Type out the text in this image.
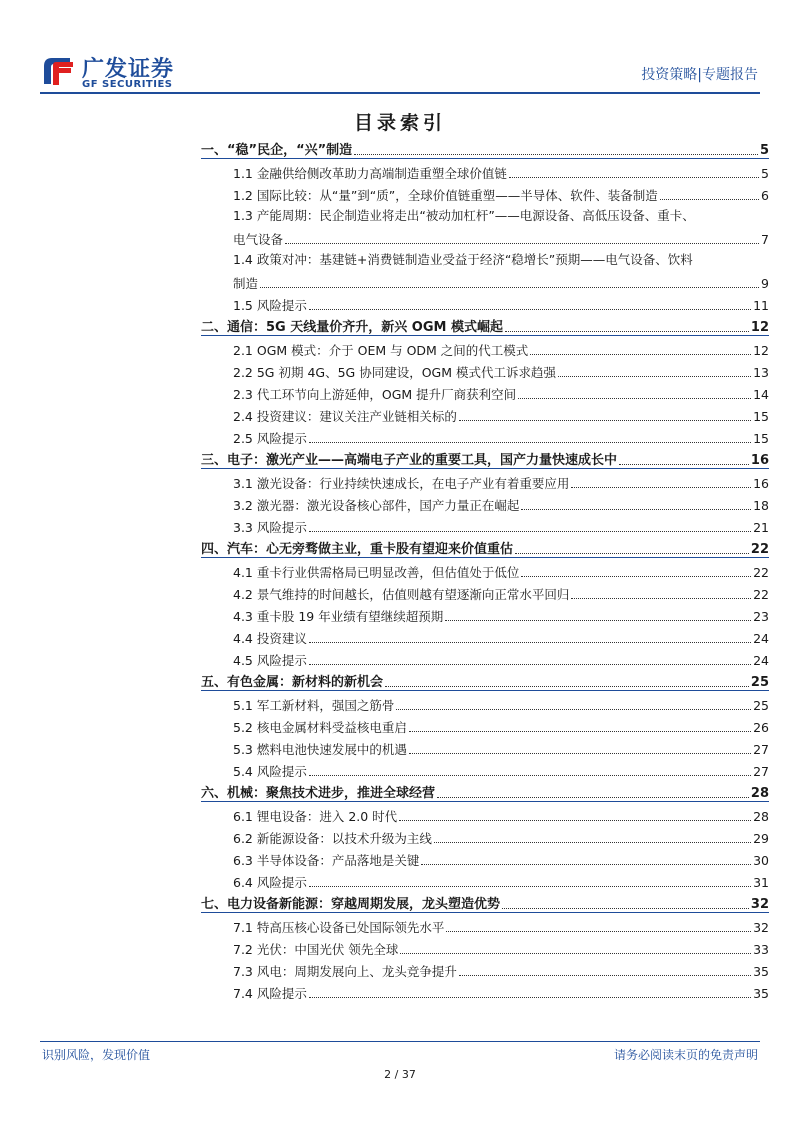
广发证券
GF SECURITIES
投资策略|专题报告
目录索引
一、“稳”民企，“兴”制造	5
1.1 金融供给侧改革助力高端制造重塑全球价值链	5
1.2 国际比较：从“量”到“质”，全球价值链重塑——半导体、软件、装备制造	6
1.3 产能周期：民企制造业将走出“被动加杠杆”——电源设备、高低压设备、重卡、
电气设备	7
1.4 政策对冲：基建链+消费链制造业受益于经济“稳增长”预期——电气设备、饮料
制造	9
1.5 风险提示	11
二、通信：5G 天线量价齐升，新兴 OGM 模式崛起	12
2.1 OGM 模式：介于 OEM 与 ODM 之间的代工模式	12
2.2 5G 初期 4G、5G 协同建设，OGM 模式代工诉求趋强	13
2.3 代工环节向上游延伸，OGM 提升厂商获利空间	14
2.4 投资建议：建议关注产业链相关标的	15
2.5 风险提示	15
三、电子：激光产业——高端电子产业的重要工具，国产力量快速成长中	16
3.1 激光设备：行业持续快速成长，在电子产业有着重要应用	16
3.2 激光器：激光设备核心部件，国产力量正在崛起	18
3.3 风险提示	21
四、汽车：心无旁骛做主业，重卡股有望迎来价值重估	22
4.1 重卡行业供需格局已明显改善，但估值处于低位	22
4.2 景气维持的时间越长，估值则越有望逐渐向正常水平回归	22
4.3 重卡股 19 年业绩有望继续超预期	23
4.4 投资建议	24
4.5 风险提示	24
五、有色金属：新材料的新机会	25
5.1 军工新材料，强国之筋骨	25
5.2 核电金属材料受益核电重启	26
5.3 燃料电池快速发展中的机遇	27
5.4 风险提示	27
六、机械：聚焦技术进步，推进全球经营	28
6.1 锂电设备：进入 2.0 时代	28
6.2 新能源设备：以技术升级为主线	29
6.3 半导体设备：产品落地是关键	30
6.4 风险提示	31
七、电力设备新能源：穿越周期发展，龙头塑造优势	32
7.1 特高压核心设备已处国际领先水平	32
7.2 光伏：中国光伏 领先全球	33
7.3 风电：周期发展向上、龙头竞争提升	35
7.4 风险提示	35
识别风险，发现价值	请务必阅读末页的免责声明
2 / 37
